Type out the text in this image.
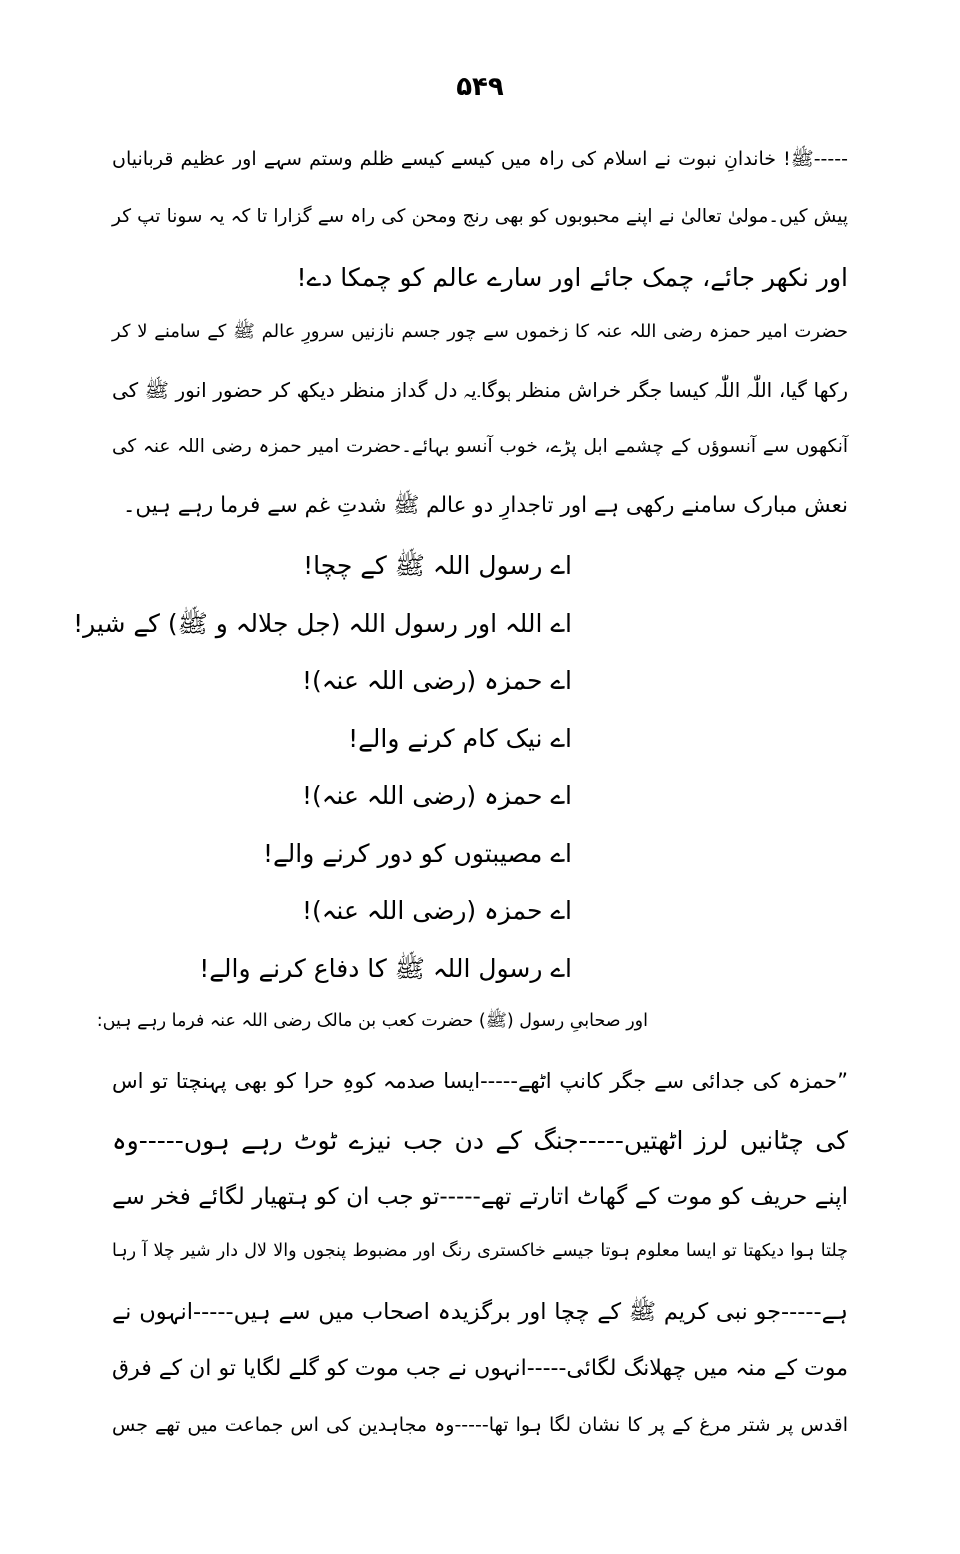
۵۴۹
-----ﷺ! خاندانِ نبوت نے اسلام کی راہ میں کیسے کیسے ظلم وستم سہے اور عظیم قربانیاں
پیش کیں۔مولیٰ تعالیٰ نے اپنے محبوبوں کو بھی رنج ومحن کی راہ سے گزارا تا کہ یہ سونا تپ کر
اور نکھر جائے، چمک جائے اور سارے عالم کو چمکا دے!
حضرت امیر حمزہ رضی اللہ عنہ کا زخموں سے چور جسم نازنیں سرورِ عالم ﷺ کے سامنے لا کر
رکھا گیا، اللّٰہ اللّٰہ کیسا جگر خراش منظر ہوگا۔یہ دل گداز منظر دیکھ کر حضور انور ﷺ کی
آنکھوں سے آنسوؤں کے چشمے ابل پڑے، خوب آنسو بہائے۔حضرت امیر حمزہ رضی اللہ عنہ کی
نعش مبارک سامنے رکھی ہے اور تاجدارِ دو عالم ﷺ شدتِ غم سے فرما رہے ہیں۔
اے رسول اللہ ﷺ کے چچا!
اے اللہ اور رسول اللہ (جل جلالہ و ﷺ) کے شیر!
اے حمزہ (رضی اللہ عنہ)!
اے نیک کام کرنے والے!
اے حمزہ (رضی اللہ عنہ)!
اے مصیبتوں کو دور کرنے والے!
اے حمزہ (رضی اللہ عنہ)!
اے رسول اللہ ﷺ کا دفاع کرنے والے!
اور صحابیِ رسول (ﷺ) حضرت کعب بن مالک رضی اللہ عنہ فرما رہے ہیں:
”حمزہ کی جدائی سے جگر کانپ اٹھے-----ایسا صدمہ کوہِ حرا کو بھی پہنچتا تو اس
کی چٹانیں لرز اٹھتیں-----جنگ کے دن جب نیزے ٹوٹ رہے ہوں-----وہ
اپنے حریف کو موت کے گھاٹ اتارتے تھے-----تو جب ان کو ہتھیار لگائے فخر سے
چلتا ہوا دیکھتا تو ایسا معلوم ہوتا جیسے خاکستری رنگ اور مضبوط پنجوں والا لال دار شیر چلا آ رہا
ہے-----جو نبی کریم ﷺ کے چچا اور برگزیدہ اصحاب میں سے ہیں-----انہوں نے
موت کے منہ میں چھلانگ لگائی-----انہوں نے جب موت کو گلے لگایا تو ان کے فرق
اقدس پر شتر مرغ کے پر کا نشان لگا ہوا تھا-----وہ مجاہدین کی اس جماعت میں تھے جس
